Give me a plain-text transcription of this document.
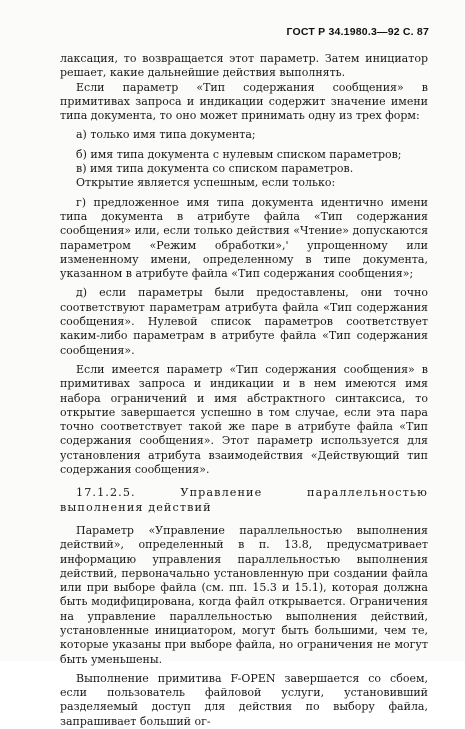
ГОСТ Р 34.1980.3—92 С. 87

лаксация, то возвращается этот параметр. Затем инициатор решает, какие дальнейшие действия выполнять.

Если параметр «Тип содержания сообщения» в примитивах запроса и индикации содержит значение имени типа документа, то оно может принимать одну из трех форм:

а) только имя типа документа;

б) имя типа документа с нулевым списком параметров;

в) имя типа документа со списком параметров.

Открытие является успешным, если только:

г) предложенное имя типа документа идентично имени типа документа в атрибуте файла «Тип содержания сообщения» или, если только действия «Чтение» допускаются параметром «Режим обработки»,' упрощенному или измененному имени, определенному в типе документа, указанном в атрибуте файла «Тип содержания сообщения»;

д) если параметры были предоставлены, они точно соответствуют параметрам атрибута файла «Тип содержания сообщения». Нулевой список параметров соответствует каким-либо параметрам в атрибуте файла «Тип содержания сообщения».

Если имеется параметр «Тип содержания сообщения» в примитивах запроса и индикации и в нем имеются имя набора ограничений и имя абстрактного синтаксиса, то открытие завершается успешно в том случае, если эта пара точно соответствует такой же паре в атрибуте файла «Тип содержания сообщения». Этот параметр используется для установления атрибута взаимодействия «Действующий тип содержания сообщения».

17.1.2.5. Управление параллельностью выполнения действий

Параметр «Управление параллельностью выполнения действий», определенный в п. 13.8, предусматривает информацию управления параллельностью выполнения действий, первоначально установленную при создании файла или при выборе файла (см. пп. 15.3 и 15.1), которая должна быть модифицирована, когда файл открывается. Ограничения на управление параллельностью выполнения действий, установленные инициатором, могут быть большими, чем те, которые указаны при выборе файла, но ограничения не могут быть уменьшены.

Выполнение примитива F-OPEN завершается со сбоем, если пользователь файловой услуги, установивший разделяемый доступ для действия по выбору файла, запрашивает больший ог-
